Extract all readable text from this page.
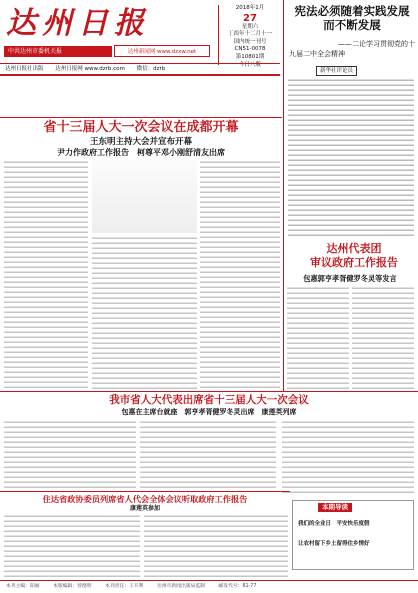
达州日报
中共达州市委机关报	达州新闻网 www.dzxw.net
2018年1月
27
星期六
丁酉年十二月十一
国内统一刊号
CN51-0078
第10801期
今日八版
达州日报社出版 达州日报网 www.dzrb.com 微信：dzrb
宪法必须随着实践发展而不断发展
——二论学习贯彻党的十
九届二中全会精神
新华社评论员
省十三届人大一次会议在成都开幕
王东明主持大会并宣布开幕
尹力作政府工作报告　柯尊平邓小刚舒清友出席
达州代表团
审议政府工作报告
包惠郭亨孝胥健罗冬灵等发言
我市省人大代表出席省十三届人大一次会议
包惠在主席台就座　郭亨孝胥健罗冬灵出席　康莲英列席
住达省政协委员列席省人代会全体会议听取政府工作报告
康莲英参加	本期导读
我们的全业日　平安快乐度假
让农村留下乡土留得住乡情好
本刊主编：阳丽	本版编辑：曾德明	本刊责任：王开利	达州市新闻出版局监制	邮发代号：61-77
